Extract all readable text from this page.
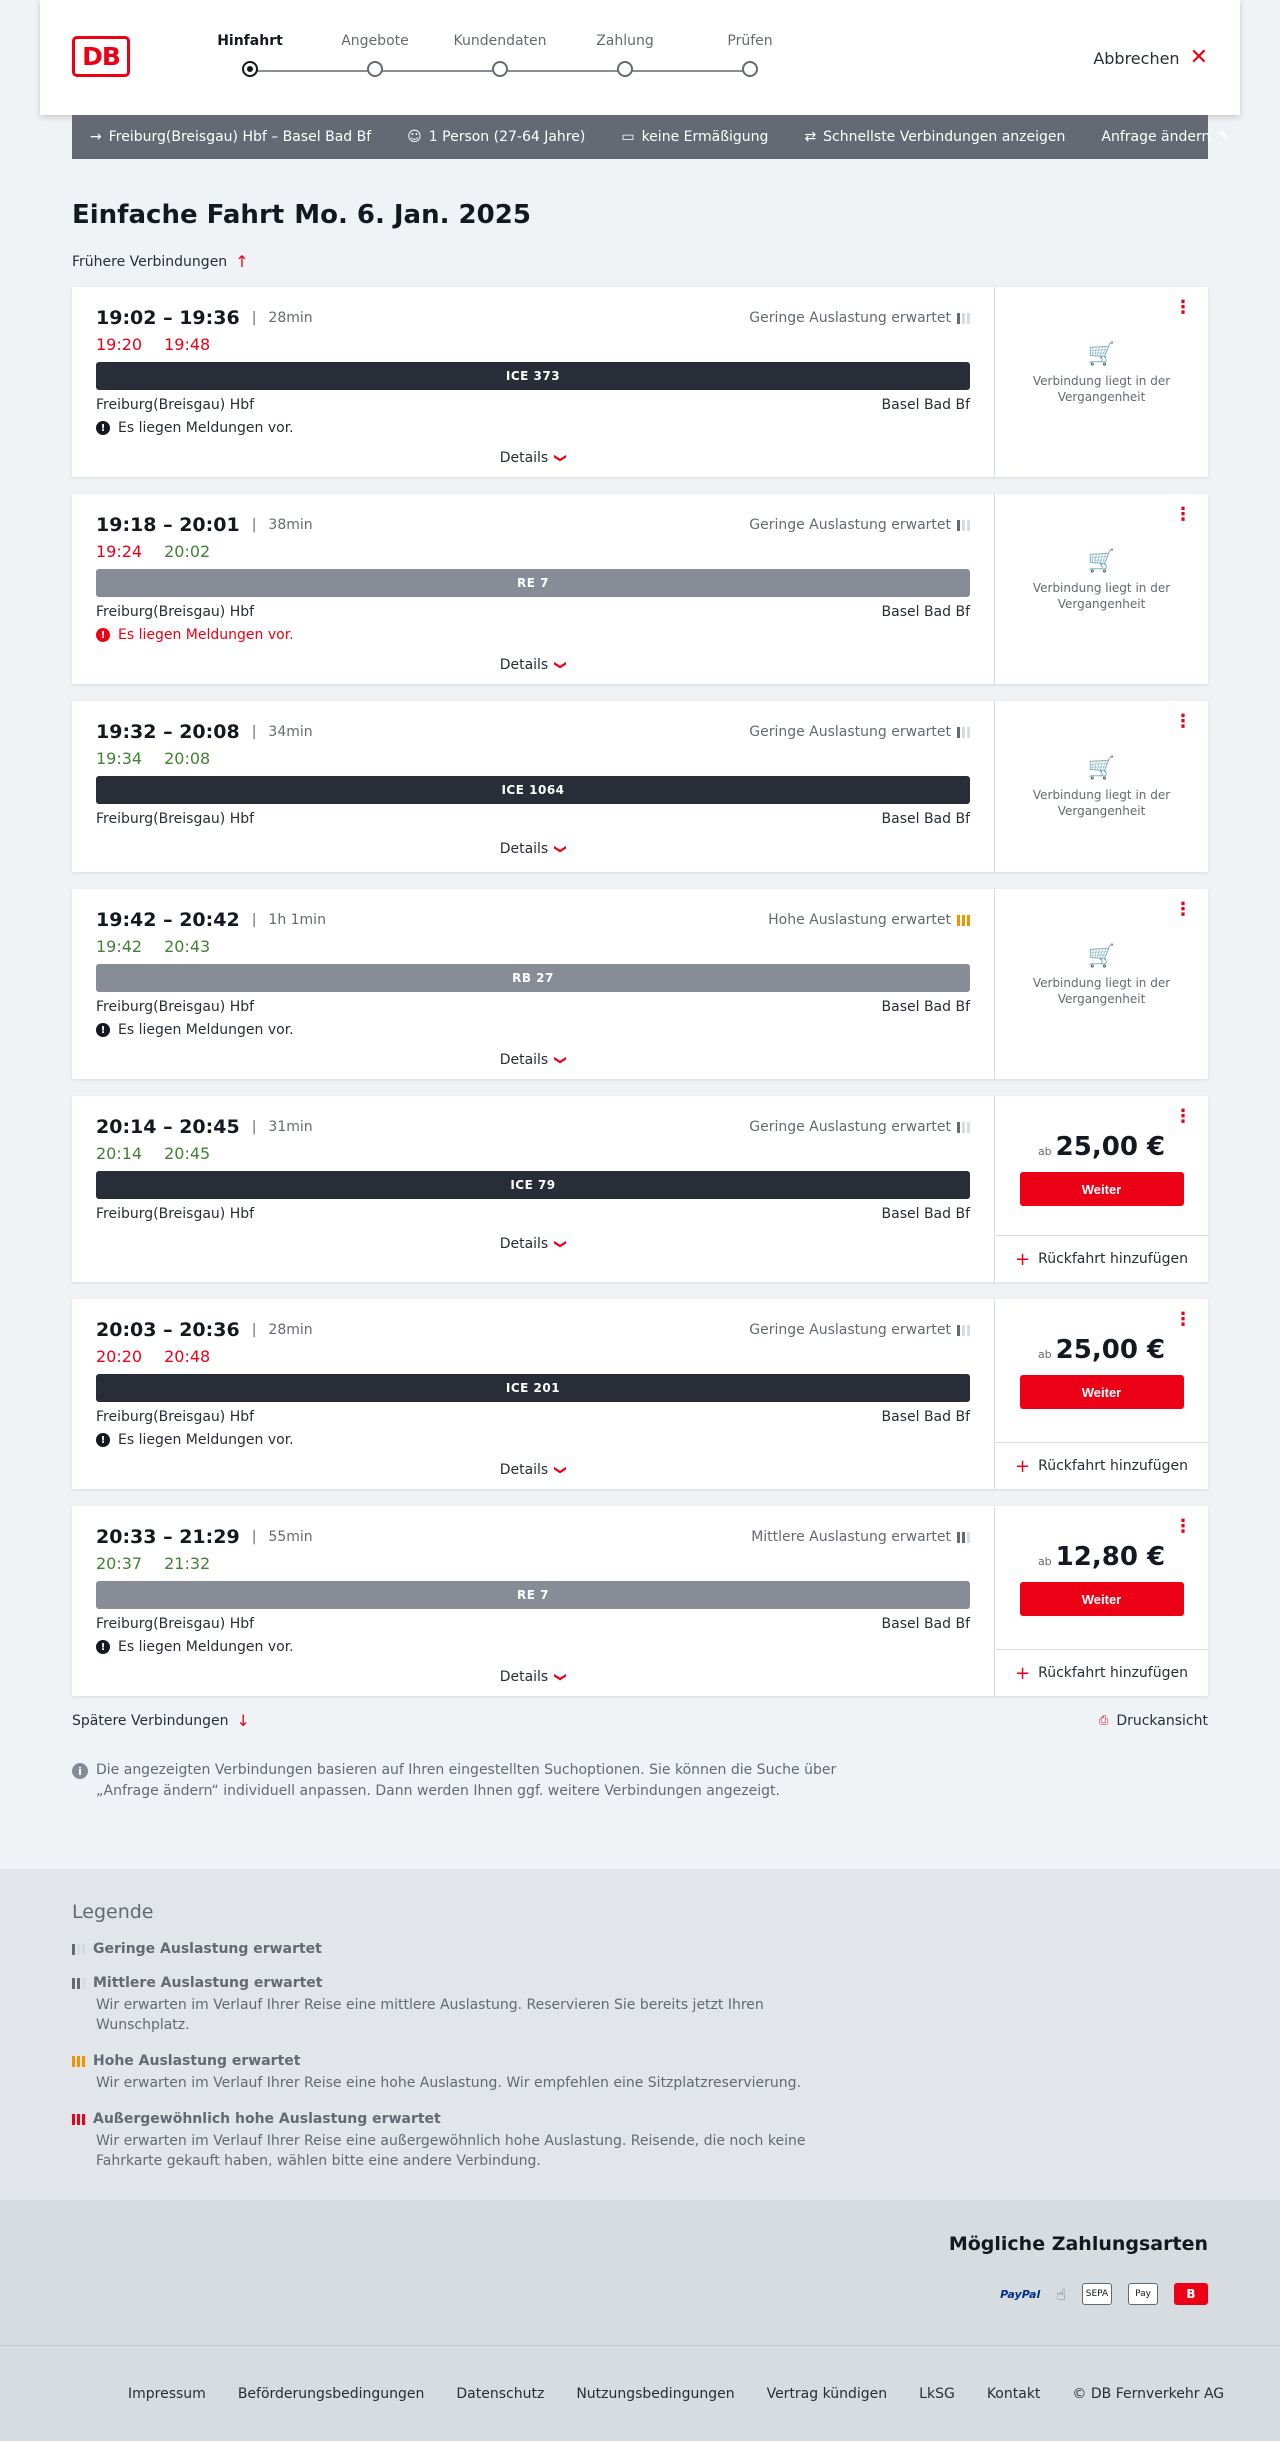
DB
Hinfahrt	Angebote	Kundendaten	Zahlung	Prüfen
Abbrechen ✕
→ Freiburg(Breisgau) Hbf – Basel Bad Bf	☺ 1 Person (27-64 Jahre)	▭ keine Ermäßigung	⇄ Schnellste Verbindungen anzeigen	Anfrage ändern ✎
Einfache Fahrt Mo. 6. Jan. 2025
Frühere Verbindungen ↑
19:02 – 19:36 | 28min	Geringe Auslastung erwartet
19:20 19:48
ICE 373
Freiburg(Breisgau) Hbf	Basel Bad Bf
! Es liegen Meldungen vor.
Details ❯
⋮
🛒
Verbindung liegt in der Vergangenheit
19:18 – 20:01 | 38min	Geringe Auslastung erwartet
19:24 20:02
RE 7
Freiburg(Breisgau) Hbf	Basel Bad Bf
! Es liegen Meldungen vor.
Details ❯
⋮
🛒
Verbindung liegt in der Vergangenheit
19:32 – 20:08 | 34min	Geringe Auslastung erwartet
19:34 20:08
ICE 1064
Freiburg(Breisgau) Hbf	Basel Bad Bf
Details ❯
⋮
🛒
Verbindung liegt in der Vergangenheit
19:42 – 20:42 | 1h 1min	Hohe Auslastung erwartet
19:42 20:43
RB 27
Freiburg(Breisgau) Hbf	Basel Bad Bf
! Es liegen Meldungen vor.
Details ❯
⋮
🛒
Verbindung liegt in der Vergangenheit
20:14 – 20:45 | 31min	Geringe Auslastung erwartet
20:14 20:45
ICE 79
Freiburg(Breisgau) Hbf	Basel Bad Bf
Details ❯
⋮
ab 25,00 €
Weiter
+ Rückfahrt hinzufügen
20:03 – 20:36 | 28min	Geringe Auslastung erwartet
20:20 20:48
ICE 201
Freiburg(Breisgau) Hbf	Basel Bad Bf
! Es liegen Meldungen vor.
Details ❯
⋮
ab 25,00 €
Weiter
+ Rückfahrt hinzufügen
20:33 – 21:29 | 55min	Mittlere Auslastung erwartet
20:37 21:32
RE 7
Freiburg(Breisgau) Hbf	Basel Bad Bf
! Es liegen Meldungen vor.
Details ❯
⋮
ab 12,80 €
Weiter
+ Rückfahrt hinzufügen
Spätere Verbindungen ↓	⎙ Druckansicht
i	Die angezeigten Verbindungen basieren auf Ihren eingestellten Suchoptionen. Sie können die Suche über „Anfrage ändern“ individuell anpassen. Dann werden Ihnen ggf. weitere Verbindungen angezeigt.
Legende
Geringe Auslastung erwartet
Mittlere Auslastung erwartet
Wir erwarten im Verlauf Ihrer Reise eine mittlere Auslastung. Reservieren Sie bereits jetzt Ihren Wunschplatz.
Hohe Auslastung erwartet
Wir erwarten im Verlauf Ihrer Reise eine hohe Auslastung. Wir empfehlen eine Sitzplatzreservierung.
Außergewöhnlich hohe Auslastung erwartet
Wir erwarten im Verlauf Ihrer Reise eine außergewöhnlich hohe Auslastung. Reisende, die noch keine Fahrkarte gekauft haben, wählen bitte eine andere Verbindung.
Mögliche Zahlungsarten
PayPal ☝	SEPA	Pay	B
Impressum Beförderungsbedingungen Datenschutz Nutzungsbedingungen Vertrag kündigen LkSG Kontakt © DB Fernverkehr AG
